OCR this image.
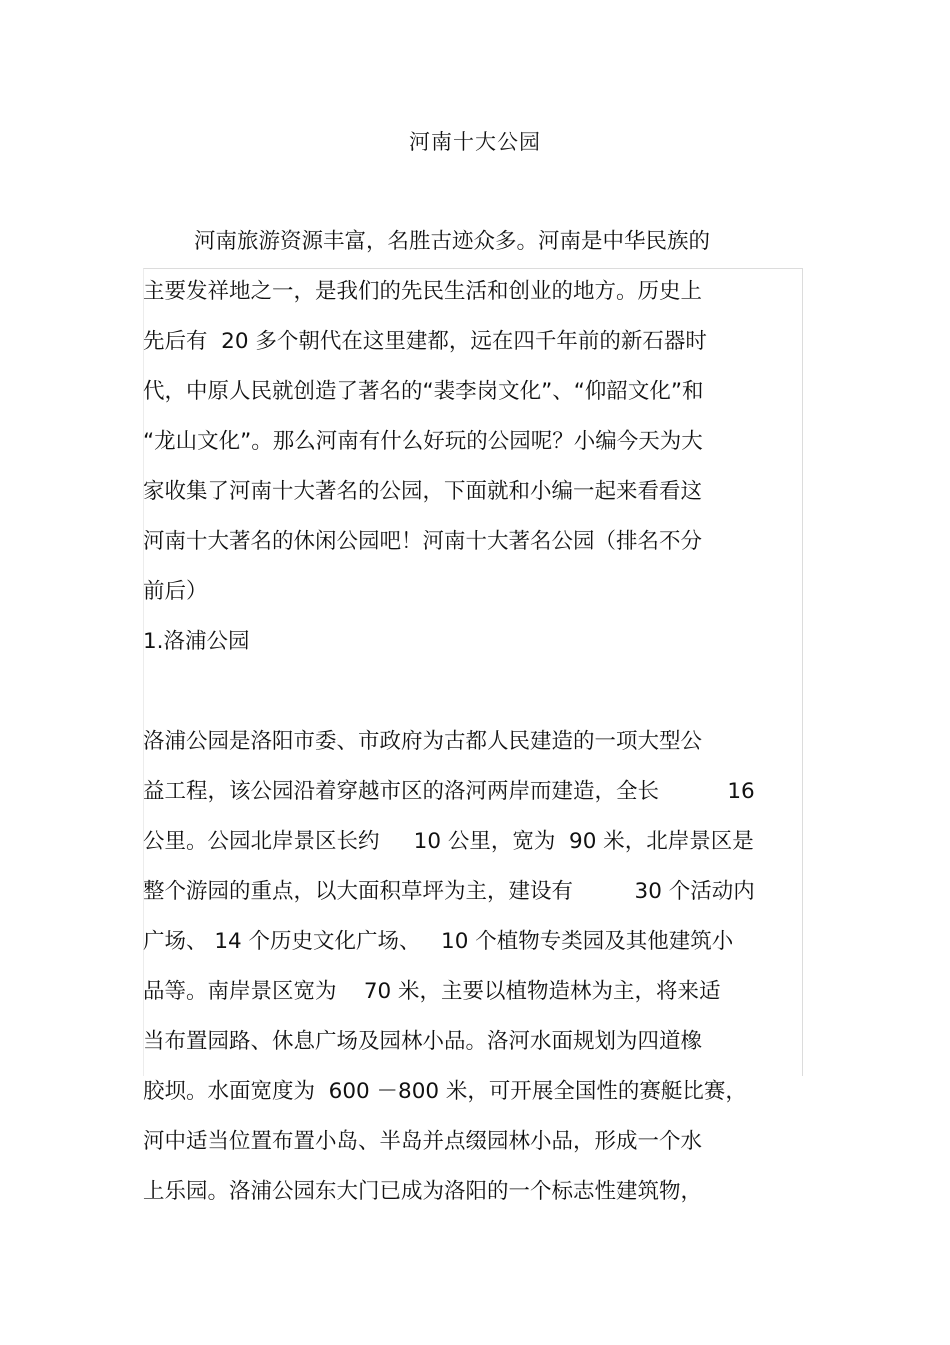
河南十大公园

河南旅游资源丰富，名胜古迹众多。河南是中华民族的

主要发祥地之一，是我们的先民生活和创业的地方。历史上

先后有  20 多个朝代在这里建都，远在四千年前的新石器时

代，中原人民就创造了著名的“裴李岗文化”、“仰韶文化”和

“龙山文化”。那么河南有什么好玩的公园呢？小编今天为大

家收集了河南十大著名的公园，下面就和小编一起来看看这

河南十大著名的休闲公园吧！河南十大著名公园（排名不分

前后）

1.洛浦公园

洛浦公园是洛阳市委、市政府为古都人民建造的一项大型公

益工程，该公园沿着穿越市区的洛河两岸而建造，全长          16

公里。公园北岸景区长约     10 公里，宽为  90 米，北岸景区是

整个游园的重点，以大面积草坪为主，建设有         30 个活动内

广场、 14 个历史文化广场、   10 个植物专类园及其他建筑小

品等。南岸景区宽为    70 米，主要以植物造林为主，将来适

当布置园路、休息广场及园林小品。洛河水面规划为四道橡

胶坝。水面宽度为  600 －800 米，可开展全国性的赛艇比赛，

河中适当位置布置小岛、半岛并点缀园林小品，形成一个水

上乐园。洛浦公园东大门已成为洛阳的一个标志性建筑物，
